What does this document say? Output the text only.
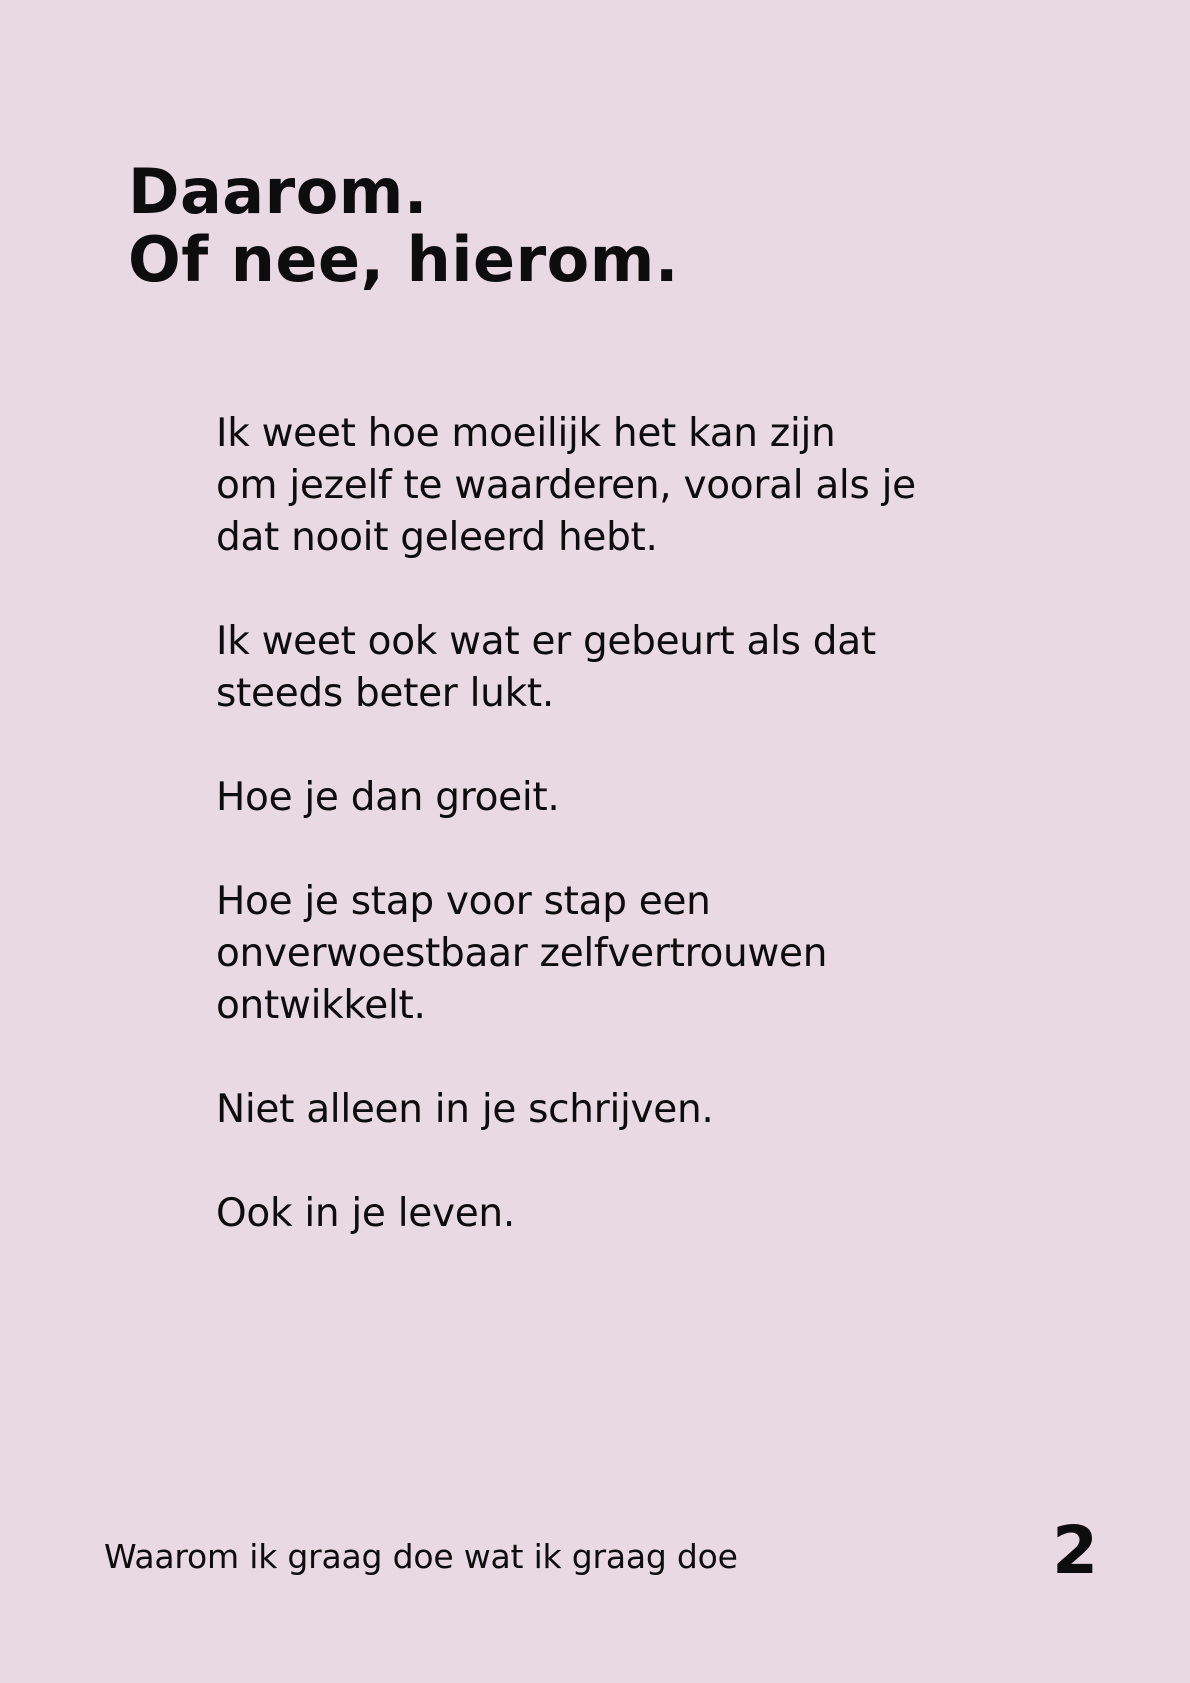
Daarom.
Of nee, hierom.

Ik weet hoe moeilijk het kan zijn
om jezelf te waarderen, vooral als je
dat nooit geleerd hebt.

Ik weet ook wat er gebeurt als dat
steeds beter lukt.

Hoe je dan groeit.

Hoe je stap voor stap een
onverwoestbaar zelfvertrouwen
ontwikkelt.

Niet alleen in je schrijven.

Ook in je leven.

Waarom ik graag doe wat ik graag doe	2
